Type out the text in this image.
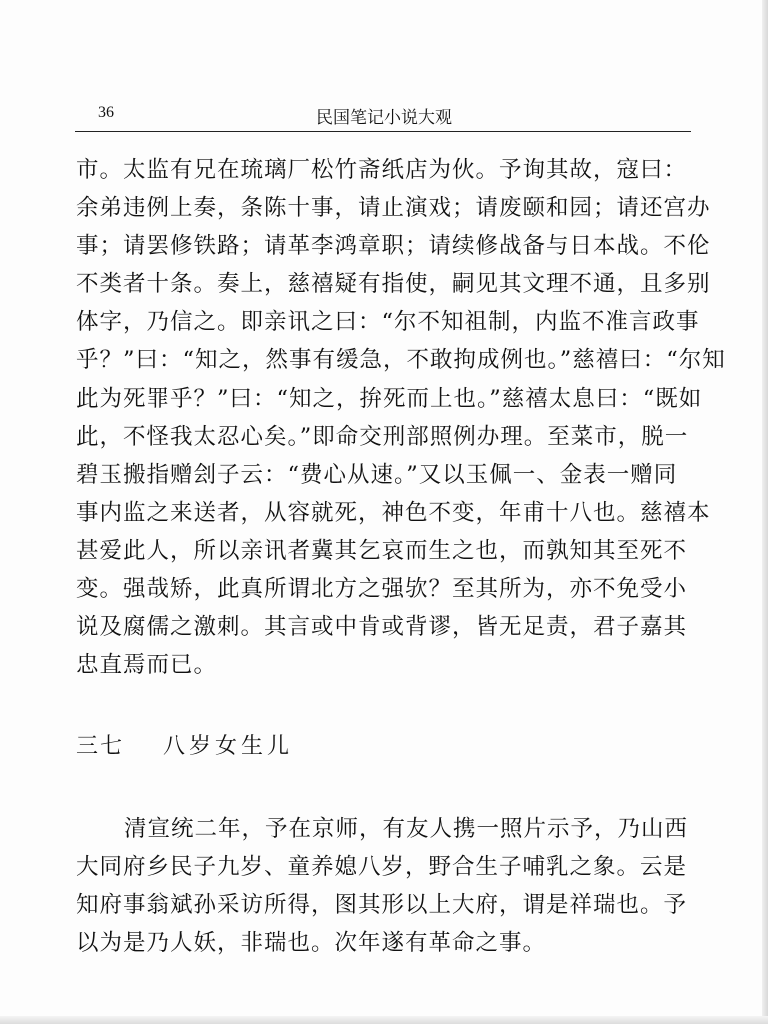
36	民国笔记小说大观
市。太监有兄在琉璃厂松竹斋纸店为伙。予询其故，寇曰：
余弟违例上奏，条陈十事，请止演戏；请废颐和园；请还宫办
事；请罢修铁路；请革李鸿章职；请续修战备与日本战。不伦
不类者十条。奏上，慈禧疑有指使，嗣见其文理不通，且多别
体字，乃信之。即亲讯之曰：“尔不知祖制，内监不准言政事
乎？”曰：“知之，然事有缓急，不敢拘成例也。”慈禧曰：“尔知
此为死罪乎？”曰：“知之，拚死而上也。”慈禧太息曰：“既如
此，不怪我太忍心矣。”即命交刑部照例办理。至菜市，脱一
碧玉搬指赠刽子云：“费心从速。”又以玉佩一、金表一赠同
事内监之来送者，从容就死，神色不变，年甫十八也。慈禧本
甚爱此人，所以亲讯者冀其乞哀而生之也，而孰知其至死不
变。强哉矫，此真所谓北方之强欤？至其所为，亦不免受小
说及腐儒之激刺。其言或中肯或背谬，皆无足责，君子嘉其
忠直焉而已。
三七 八岁女生儿
清宣统二年，予在京师，有友人携一照片示予，乃山西
大同府乡民子九岁、童养媳八岁，野合生子哺乳之象。云是
知府事翁斌孙采访所得，图其形以上大府，谓是祥瑞也。予
以为是乃人妖，非瑞也。次年遂有革命之事。
